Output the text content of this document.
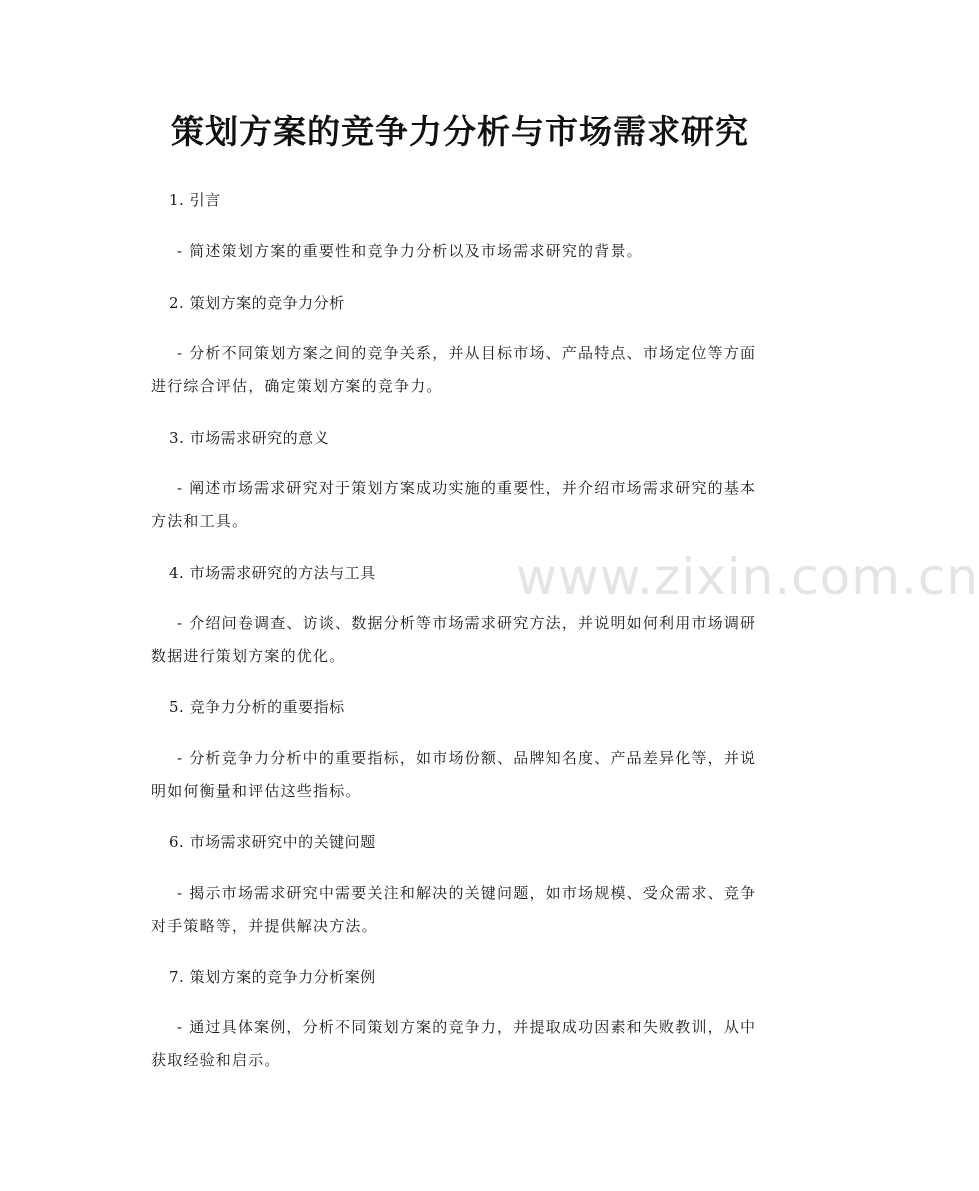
策划方案的竞争力分析与市场需求研究
1. 引言
- 简述策划方案的重要性和竞争力分析以及市场需求研究的背景。
2. 策划方案的竞争力分析
- 分析不同策划方案之间的竞争关系，并从目标市场、产品特点、市场定位等方面进行综合评估，确定策划方案的竞争力。
3. 市场需求研究的意义
- 阐述市场需求研究对于策划方案成功实施的重要性，并介绍市场需求研究的基本方法和工具。
4. 市场需求研究的方法与工具
- 介绍问卷调查、访谈、数据分析等市场需求研究方法，并说明如何利用市场调研数据进行策划方案的优化。
5. 竞争力分析的重要指标
- 分析竞争力分析中的重要指标，如市场份额、品牌知名度、产品差异化等，并说明如何衡量和评估这些指标。
6. 市场需求研究中的关键问题
- 揭示市场需求研究中需要关注和解决的关键问题，如市场规模、受众需求、竞争对手策略等，并提供解决方法。
7. 策划方案的竞争力分析案例
- 通过具体案例，分析不同策划方案的竞争力，并提取成功因素和失败教训，从中获取经验和启示。
www.zixin.com.cn
